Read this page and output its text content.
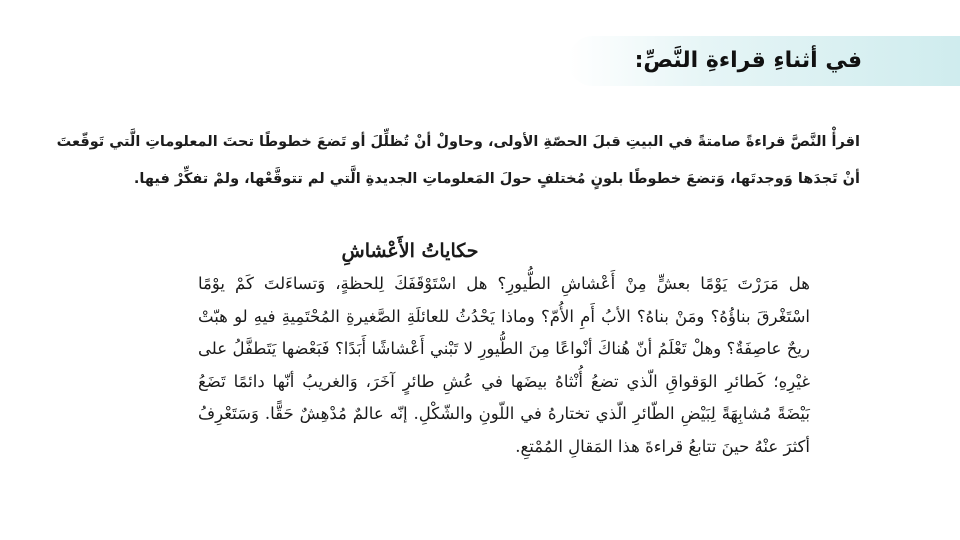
في أثناءِ قراءةِ النَّصِّ:

اقرأْ النَّصَّ قراءةً صامتةً في البيتِ قبلَ الحصّةِ الأولى، وحاولْ أنْ تُظلِّلَ أو تَضعَ خطوطًا تحتَ المعلوماتِ الَّتي تَوقّعتَ أنْ تَجدَها وَوجدتَها، وَتضعَ خطوطًا بلونٍ مُختلفٍ حولَ المَعلوماتِ الجديدةِ الَّتي لم تتوقَّعْها، ولمْ تفكِّرْ فيها.

حكاياتُ الأَعْشاشِ

هل مَرَرْتَ يَوْمًا بعشٍّ مِنْ أَعْشاشِ الطُّيورِ؟ هل اسْتَوْقَفَكَ لِلحظةٍ، وَتساءَلتَ كَمْ يوْمًا اسْتَغْرقَ بناؤُهُ؟ ومَنْ بناهُ؟ الأبُ أَمِ الأُمّ؟ وماذا يَحْدُثُ للعائلَةِ الصَّغيرةِ المُحْتَمِيةِ فيهِ لو هبّتْ ريحٌ عاصِفَةٌ؟ وهلْ تَعْلَمُ أنّ هُناكَ أنْواعًا مِنَ الطُّيورِ لا تَبْني أَعْشاشًا أَبَدًا؟ فَبَعْضها يَتَطفَّلُ على غيْرِهِ؛ كَطائرِ الوَقواقِ الّذي تضعُ أُنْثاهُ بيضَها في عُشِ طائرٍ آخَرَ، وَالغريبُ أنّها دائمًا تَضَعُ بَيْضَةً مُشابِهَةً لِبَيْضِ الطّائرِ الّذي تختارهُ في اللّونِ والشّكْلِ. إنّه عالمٌ مُدْهِشٌ حَقًّا. وَسَتَعْرِفُ أكثرَ عنْهُ حينَ تتابعُ قراءةَ هذا المَقالِ المُمْتعِ.
